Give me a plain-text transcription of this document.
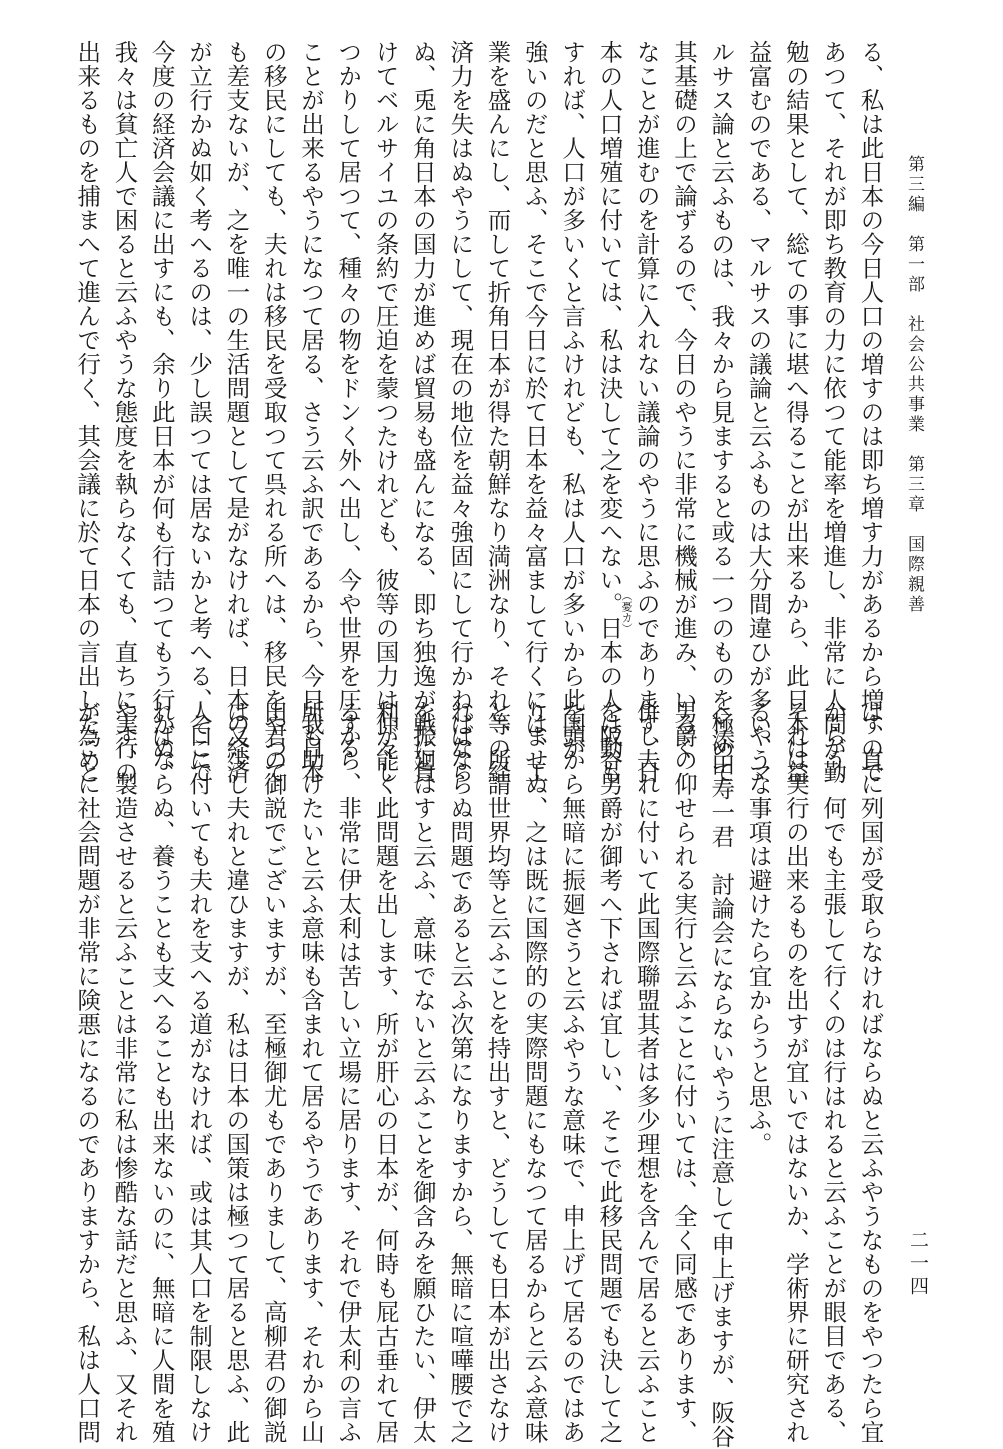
第三編　第一部　社会公共事業　第三章　国際親善
二一四
る、私は此日本の今日人口の増すのは即ち増す力があるから増すので
あつて、それが即ち教育の力に依つて能率を増進し、非常に人間が勤
勉の結果として、総ての事に堪へ得ることが出来るから、此日本は益
益富むのである、マルサスの議論と云ふものは大分間違ひが多い、マ
ルサス論と云ふものは、我々から見ますると或る一つのものを極めて
其基礎の上で論ずるので、今日のやうに非常に機械が進み、いろく
なことが進むのを計算に入れない議論のやうに思ふのであります、日
本の人口増殖に付いては、私は決して之を変へない。日本の人は動も
すれば、人口が多いくと言ふけれども、私は人口が多いから此国が
強いのだと思ふ、そこで今日に於て日本を益々富まして行くには、工
業を盛んにし、而して折角日本が得た朝鮮なり満洲なり、それ等の経
済力を失はぬやうにして、現在の地位を益々強固にして行かねばなら
ぬ、兎に角日本の国力が進めば貿易も盛んになる、即ち独逸が戦に負
けてベルサイユの条約で圧迫を蒙つたけれども、彼等の国力は仲々し
つかりして居つて、種々の物をドンく外へ出し、今や世界を圧する
ことが出来るやうになつて居る、さう云ふ訳であるから、今日我日本
の移民にしても、夫れは移民を受取つて呉れる所へは、移民をやつて
も差支ないが、之を唯一の生活問題として是がなければ、日本の経済
が立行かぬ如く考へるのは、少し誤つては居ないかと考へる、そこで
今度の経済会議に出すにも、余り此日本が何も行詰つてもう行かぬ、
我々は貧亡人で困ると云ふやうな態度を執らなくても、直ちに実行の
出来るものを捕まへて進んで行く、其会議に於て日本の言出したこと
は、直に列国が受取らなければならぬと云ふやうなものをやつたら宜
からう、何でも主張して行くのは行はれると云ふことが眼目である、
それは実行の出来るものを出すが宜いではないか、学術界に研究され
るやうな事項は避けたら宜からうと思ふ。
◇添田寿一君　討論会にならないやうに注意して申上げますが、阪谷
男爵の仰せられる実行と云ふことに付いては、全く同感であります、
併し夫れに付いて此国際聯盟其者は多少理想を含んで居ると云ふこと
を阪谷男爵が御考へ下されば宜しい、そこで此移民問題でも決して之
を頭から無暗に振廻さうと云ふやうな意味で、申上げて居るのではあ
りませぬ、之は既に国際的の実際問題にもなつて居るからと云ふ意味
と、所謂世界均等と云ふことを持出すと、どうしても日本が出さなけ
ればならぬ問題であると云ふ次第になりますから、無暗に喧嘩腰で之
を振廻はすと云ふ、意味でないと云ふことを御含みを願ひたい、伊太
利が能く此問題を出します、所が肝心の日本が、何時も屁古垂れて居
るから、非常に伊太利は苦しい立場に居ります、それで伊太利の言ふ
所も助けたいと云ふ意味も含まれて居るやうであります、それから山
田君の御説でございますが、至極御尤もでありまして、高柳君の御説
は又少し夫れと違ひますが、私は日本の国策は極つて居ると思ふ、此
人口に付いても夫れを支へる道がなければ、或は其人口を制限しなけ
ればならぬ、養うことも支へることも出来ないのに、無暗に人間を殖
やす、製造させると云ふことは非常に私は惨酷な話だと思ふ、又それ
が為めに社会問題が非常に険悪になるのでありますから、私は人口問
（憂カ）
